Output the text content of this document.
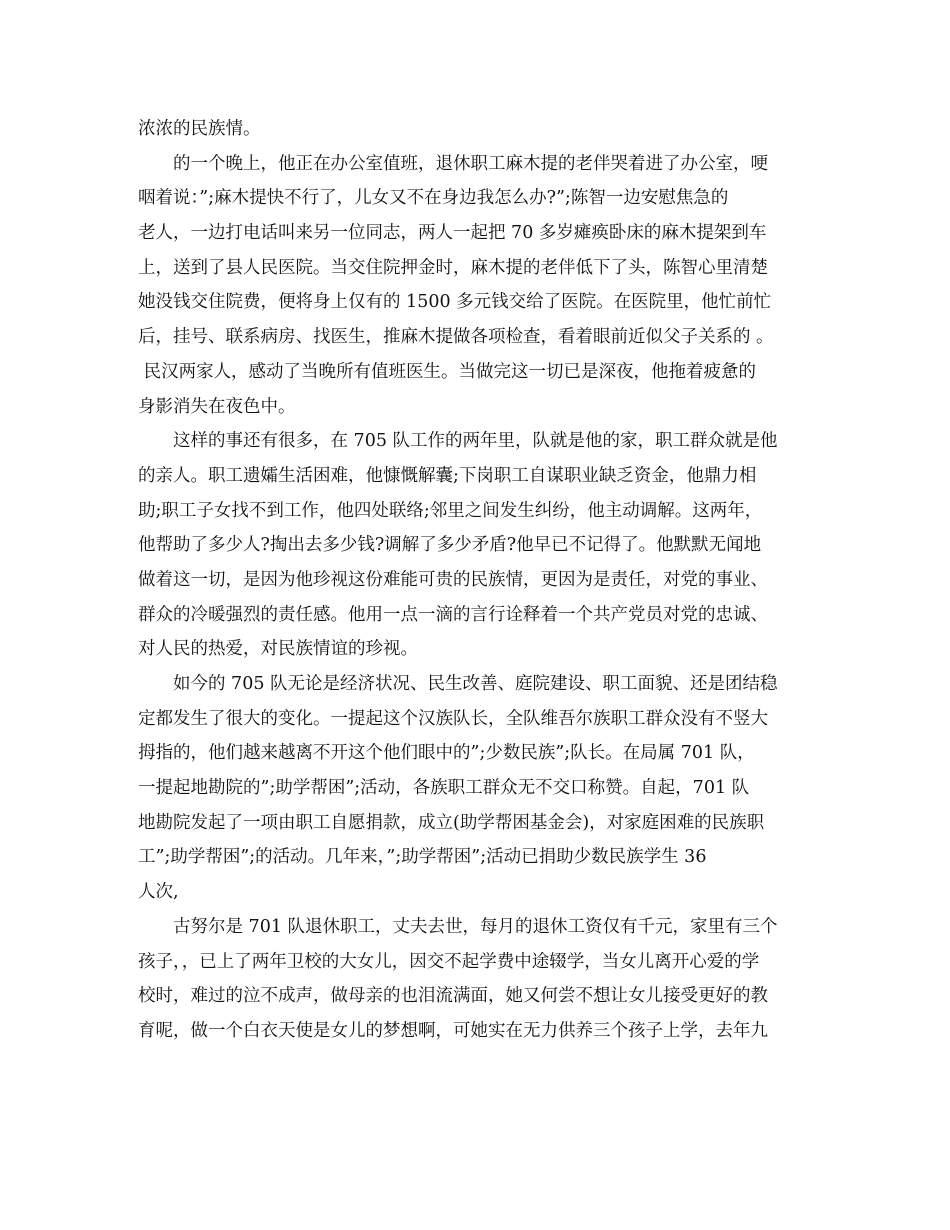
浓浓的民族情。
　　的一个晚上，他正在办公室值班，退休职工麻木提的老伴哭着进了办公室，哽
咽着说：”;麻木提快不行了，儿女又不在身边我怎么办?”;陈智一边安慰焦急的
老人，一边打电话叫来另一位同志，两人一起把 70 多岁瘫痪卧床的麻木提架到车
上，送到了县人民医院。当交住院押金时，麻木提的老伴低下了头，陈智心里清楚
她没钱交住院费，便将身上仅有的 1500 多元钱交给了医院。在医院里，他忙前忙
后，挂号、联系病房、找医生，推麻木提做各项检查，看着眼前近似父子关系的 。
民汉两家人，感动了当晚所有值班医生。当做完这一切已是深夜，他拖着疲惫的
身影消失在夜色中。
　　这样的事还有很多，在 705 队工作的两年里，队就是他的家，职工群众就是他
的亲人。职工遗孀生活困难，他慷慨解囊;下岗职工自谋职业缺乏资金，他鼎力相
助;职工子女找不到工作，他四处联络;邻里之间发生纠纷，他主动调解。这两年，
他帮助了多少人?掏出去多少钱?调解了多少矛盾?他早已不记得了。他默默无闻地
做着这一切，是因为他珍视这份难能可贵的民族情，更因为是责任，对党的事业、
群众的冷暖强烈的责任感。他用一点一滴的言行诠释着一个共产党员对党的忠诚、
对人民的热爱，对民族情谊的珍视。
　　如今的 705 队无论是经济状况、民生改善、庭院建设、职工面貌、还是团结稳
定都发生了很大的变化。一提起这个汉族队长，全队维吾尔族职工群众没有不竖大
拇指的，他们越来越离不开这个他们眼中的”;少数民族”;队长。在局属 701 队，
一提起地勘院的”;助学帮困”;活动，各族职工群众无不交口称赞。自起，701 队
地勘院发起了一项由职工自愿捐款，成立(助学帮困基金会)，对家庭困难的民族职
工”;助学帮困”;的活动。几年来，”;助学帮困”;活动已捐助少数民族学生 36
人次,
　　古努尔是 701 队退休职工，丈夫去世，每月的退休工资仅有千元，家里有三个
孩子，，已上了两年卫校的大女儿，因交不起学费中途辍学，当女儿离开心爱的学
校时，难过的泣不成声，做母亲的也泪流满面，她又何尝不想让女儿接受更好的教
育呢，做一个白衣天使是女儿的梦想啊，可她实在无力供养三个孩子上学，去年九
